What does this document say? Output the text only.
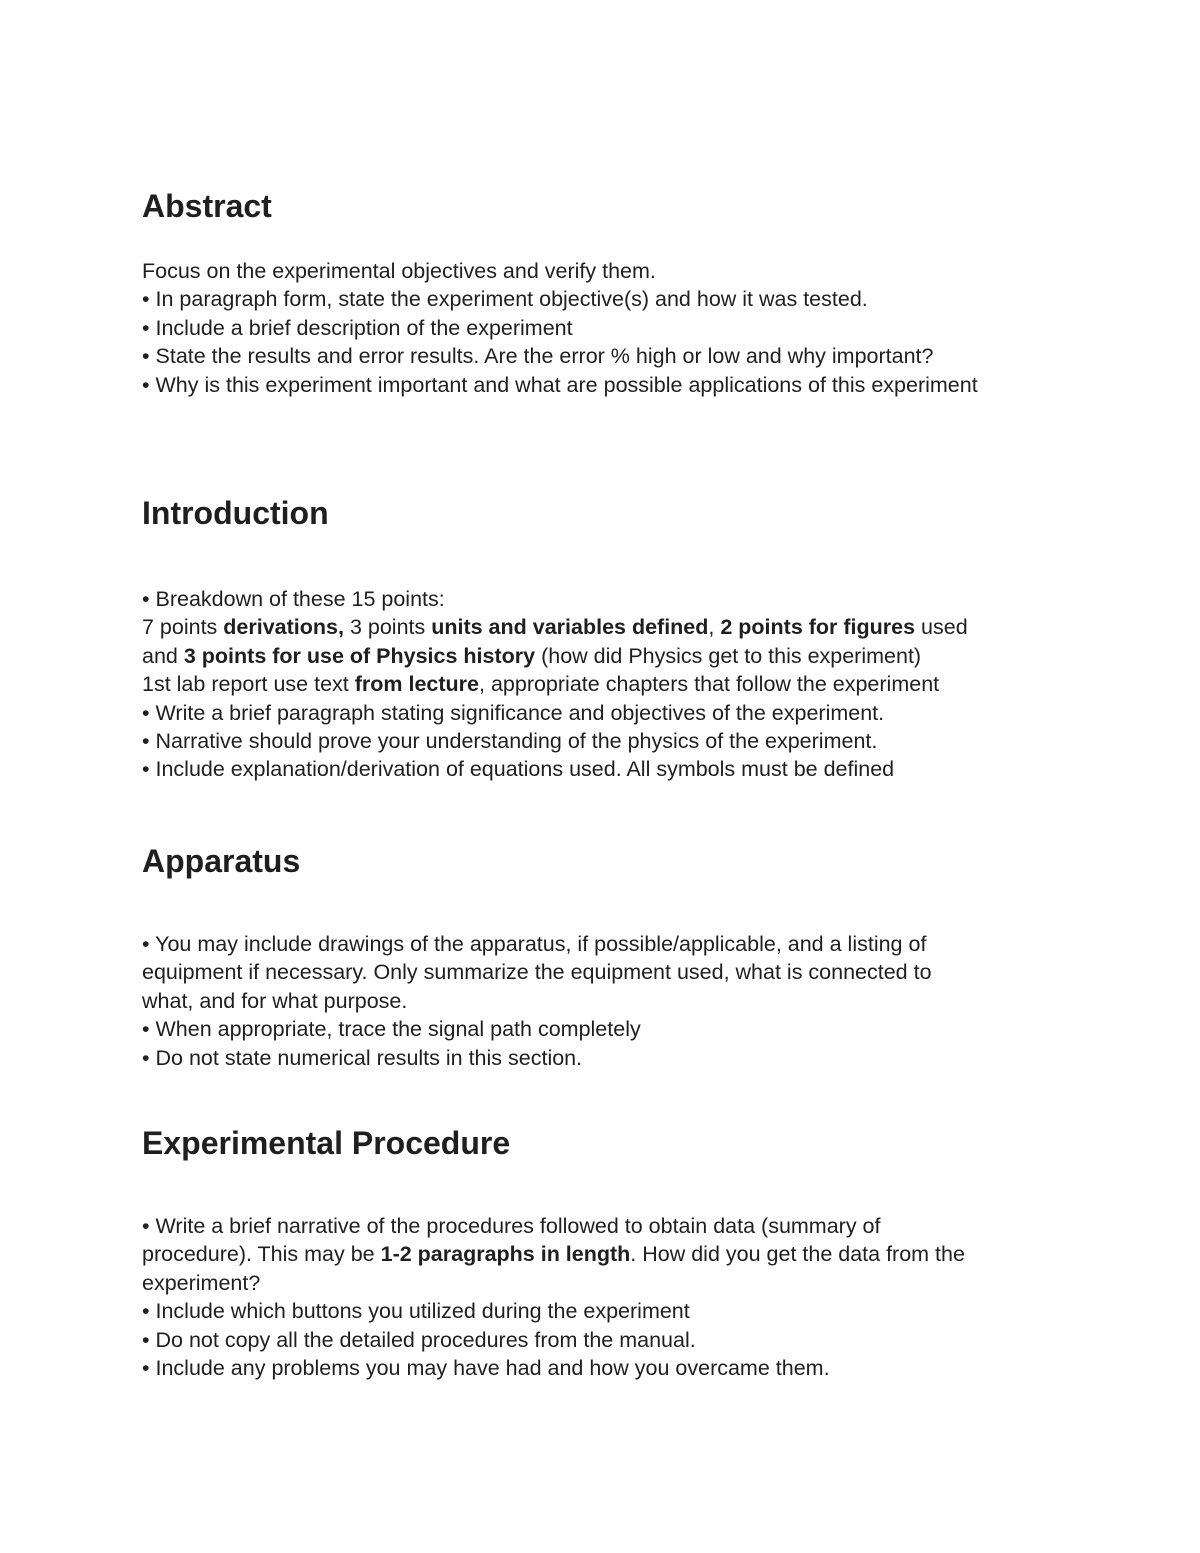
Abstract

Focus on the experimental objectives and verify them.

• In paragraph form, state the experiment objective(s) and how it was tested.

• Include a brief description of the experiment

• State the results and error results. Are the error % high or low and why important?

• Why is this experiment important and what are possible applications of this experiment

Introduction

• Breakdown of these 15 points:

7 points derivations, 3 points units and variables defined, 2 points for figures used

and 3 points for use of Physics history (how did Physics get to this experiment)

1st lab report use text from lecture, appropriate chapters that follow the experiment

• Write a brief paragraph stating significance and objectives of the experiment.

• Narrative should prove your understanding of the physics of the experiment.

• Include explanation/derivation of equations used. All symbols must be defined

Apparatus

• You may include drawings of the apparatus, if possible/applicable, and a listing of

equipment if necessary. Only summarize the equipment used, what is connected to

what, and for what purpose.

• When appropriate, trace the signal path completely

• Do not state numerical results in this section.

Experimental Procedure

• Write a brief narrative of the procedures followed to obtain data (summary of

procedure). This may be 1-2 paragraphs in length. How did you get the data from the

experiment?

• Include which buttons you utilized during the experiment

• Do not copy all the detailed procedures from the manual.

• Include any problems you may have had and how you overcame them.
